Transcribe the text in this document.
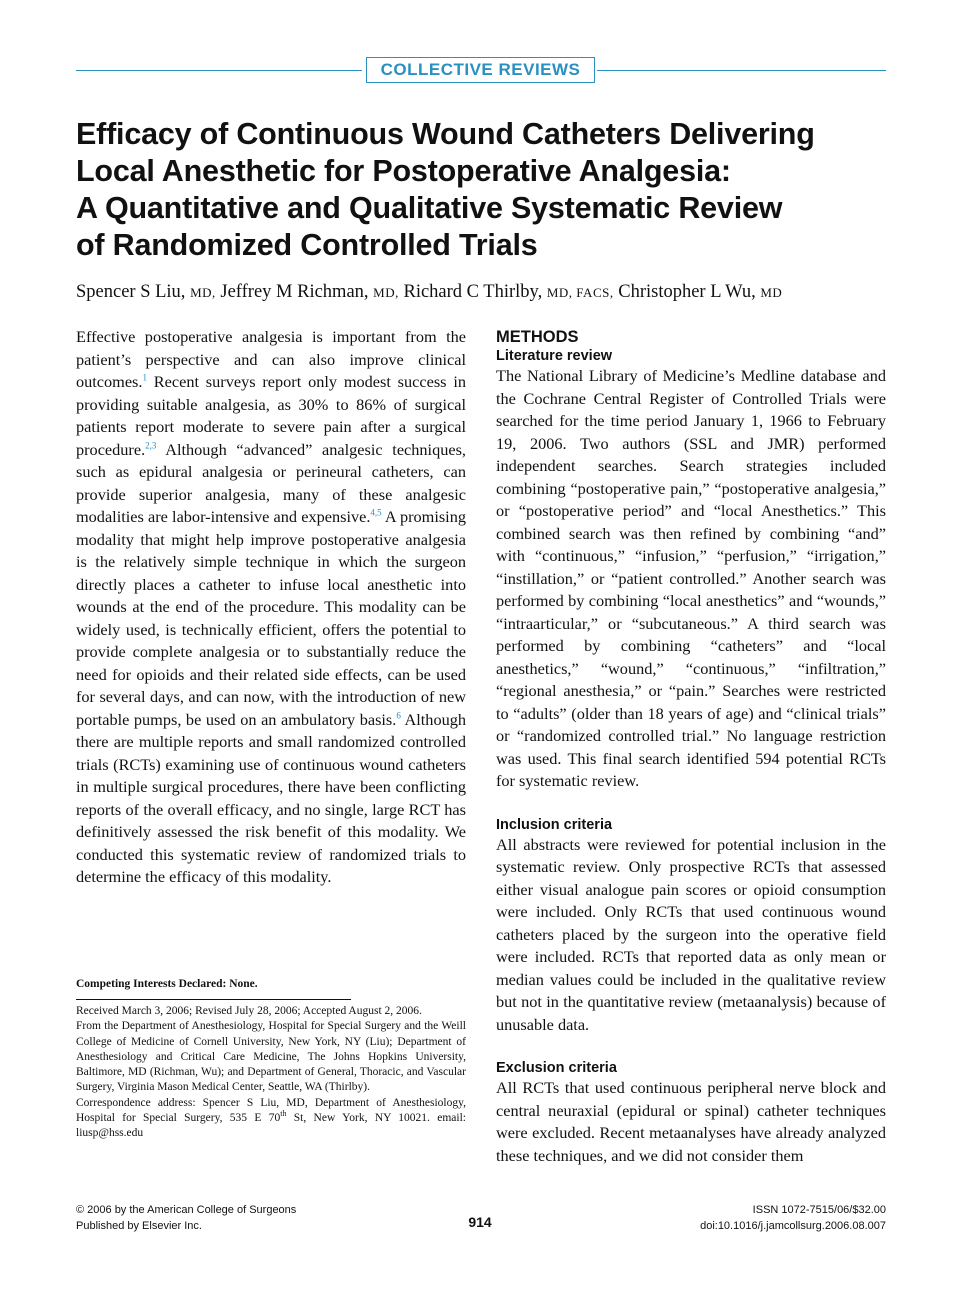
COLLECTIVE REVIEWS
Efficacy of Continuous Wound Catheters Delivering
Local Anesthetic for Postoperative Analgesia:
A Quantitative and Qualitative Systematic Review
of Randomized Controlled Trials
Spencer S Liu, MD, Jeffrey M Richman, MD, Richard C Thirlby, MD, FACS, Christopher L Wu, MD

Effective postoperative analgesia is important from the patient’s perspective and can also improve clinical outcomes.$^1$ Recent surveys report only modest success in providing suitable analgesia, as 30% to 86% of surgical patients report moderate to severe pain after a surgical procedure.$^{2,3}$ Although “advanced” analgesic techniques, such as epidural analgesia or perineural catheters, can provide superior analgesia, many of these analgesic modalities are labor-intensive and expensive.$^{4,5}$ A promising modality that might help improve postoperative analgesia is the relatively simple technique in which the surgeon directly places a catheter to infuse local anesthetic into wounds at the end of the procedure. This modality can be widely used, is technically efficient, offers the potential to provide complete analgesia or to substantially reduce the need for opioids and their related side effects, can be used for several days, and can now, with the introduction of new portable pumps, be used on an ambulatory basis.$^6$ Although there are multiple reports and small randomized controlled trials (RCTs) examining use of continuous wound catheters in multiple surgical procedures, there have been conflicting reports of the overall efficacy, and no single, large RCT has definitively assessed the risk benefit of this modality. We conducted this systematic review of randomized trials to determine the efficacy of this modality.

Competing Interests Declared: None.

Received March 3, 2006; Revised July 28, 2006; Accepted August 2, 2006.

From the Department of Anesthesiology, Hospital for Special Surgery and the Weill College of Medicine of Cornell University, New York, NY (Liu); Department of Anesthesiology and Critical Care Medicine, The Johns Hopkins University, Baltimore, MD (Richman, Wu); and Department of General, Thoracic, and Vascular Surgery, Virginia Mason Medical Center, Seattle, WA (Thirlby).

Correspondence address: Spencer S Liu, MD, Department of Anesthesiology, Hospital for Special Surgery, 535 E 70th St, New York, NY 10021. email: liusp@hss.edu

METHODS
Literature review

The National Library of Medicine’s Medline database and the Cochrane Central Register of Controlled Trials were searched for the time period January 1, 1966 to February 19, 2006. Two authors (SSL and JMR) performed independent searches. Search strategies included combining “postoperative pain,” “postoperative analgesia,” or “postoperative period” and “local Anesthetics.” This combined search was then refined by combining “and” with “continuous,” “infusion,” “perfusion,” “irrigation,” “instillation,” or “patient controlled.” Another search was performed by combining “local anesthetics” and “wounds,” “intraarticular,” or “subcutaneous.” A third search was performed by combining “catheters” and “local anesthetics,” “wound,” “continuous,” “infiltration,” “regional anesthesia,” or “pain.” Searches were restricted to “adults” (older than 18 years of age) and “clinical trials” or “randomized controlled trial.” No language restriction was used. This final search identified 594 potential RCTs for systematic review.

Inclusion criteria

All abstracts were reviewed for potential inclusion in the systematic review. Only prospective RCTs that assessed either visual analogue pain scores or opioid consumption were included. Only RCTs that used continuous wound catheters placed by the surgeon into the operative field were included. RCTs that reported data as only mean or median values could be included in the qualitative review but not in the quantitative review (metaanalysis) because of unusable data.

Exclusion criteria

All RCTs that used continuous peripheral nerve block and central neuraxial (epidural or spinal) catheter techniques were excluded. Recent metaanalyses have already analyzed these techniques, and we did not consider them

© 2006 by the American College of Surgeons
Published by Elsevier Inc.	914
ISSN 1072-7515/06/$32.00
doi:10.1016/j.jamcollsurg.2006.08.007
